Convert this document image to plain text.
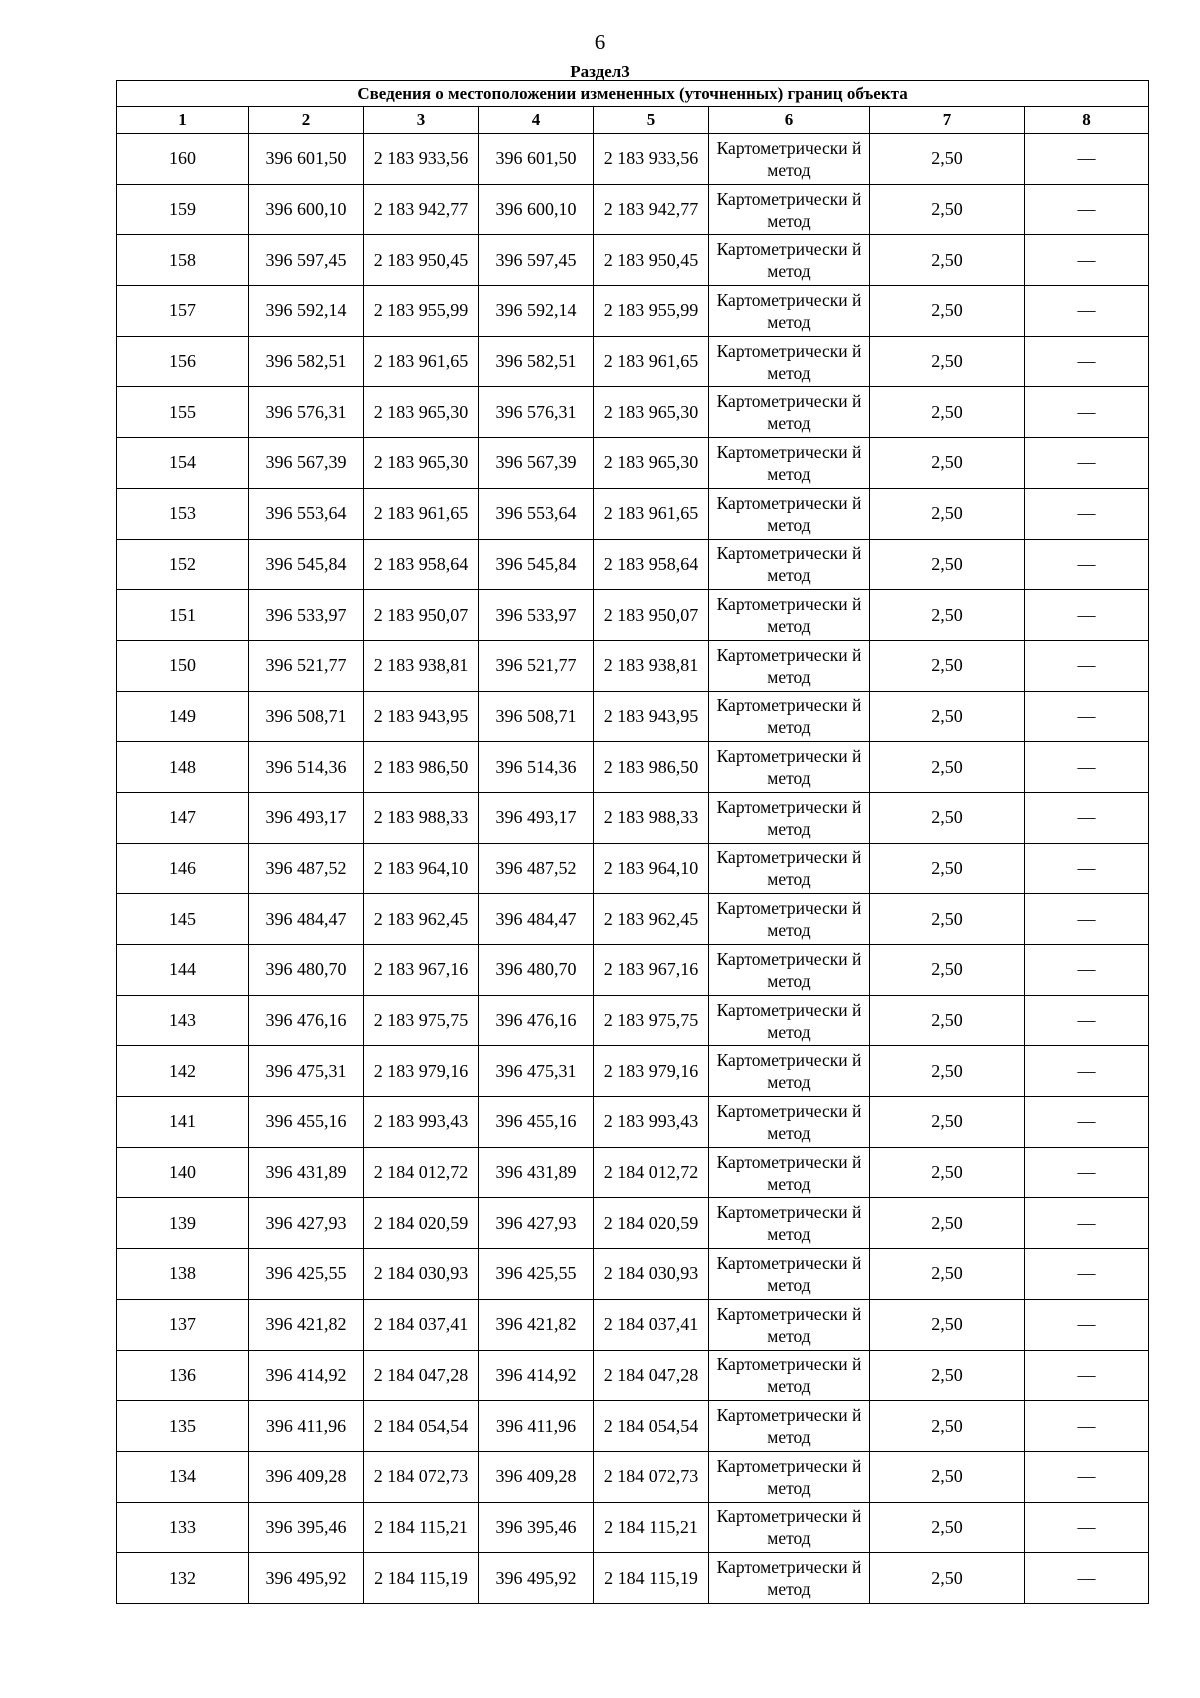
6
Раздел3
Сведения о местоположении измененных (уточненных) границ объекта							
1	2	3	4	5	6	7	8
160	396 601,50	2 183 933,56	396 601,50	2 183 933,56	Картометрически й метод	2,50	—
159	396 600,10	2 183 942,77	396 600,10	2 183 942,77	Картометрически й метод	2,50	—
158	396 597,45	2 183 950,45	396 597,45	2 183 950,45	Картометрически й метод	2,50	—
157	396 592,14	2 183 955,99	396 592,14	2 183 955,99	Картометрически й метод	2,50	—
156	396 582,51	2 183 961,65	396 582,51	2 183 961,65	Картометрически й метод	2,50	—
155	396 576,31	2 183 965,30	396 576,31	2 183 965,30	Картометрически й метод	2,50	—
154	396 567,39	2 183 965,30	396 567,39	2 183 965,30	Картометрически й метод	2,50	—
153	396 553,64	2 183 961,65	396 553,64	2 183 961,65	Картометрически й метод	2,50	—
152	396 545,84	2 183 958,64	396 545,84	2 183 958,64	Картометрически й метод	2,50	—
151	396 533,97	2 183 950,07	396 533,97	2 183 950,07	Картометрически й метод	2,50	—
150	396 521,77	2 183 938,81	396 521,77	2 183 938,81	Картометрически й метод	2,50	—
149	396 508,71	2 183 943,95	396 508,71	2 183 943,95	Картометрически й метод	2,50	—
148	396 514,36	2 183 986,50	396 514,36	2 183 986,50	Картометрически й метод	2,50	—
147	396 493,17	2 183 988,33	396 493,17	2 183 988,33	Картометрически й метод	2,50	—
146	396 487,52	2 183 964,10	396 487,52	2 183 964,10	Картометрически й метод	2,50	—
145	396 484,47	2 183 962,45	396 484,47	2 183 962,45	Картометрически й метод	2,50	—
144	396 480,70	2 183 967,16	396 480,70	2 183 967,16	Картометрически й метод	2,50	—
143	396 476,16	2 183 975,75	396 476,16	2 183 975,75	Картометрически й метод	2,50	—
142	396 475,31	2 183 979,16	396 475,31	2 183 979,16	Картометрически й метод	2,50	—
141	396 455,16	2 183 993,43	396 455,16	2 183 993,43	Картометрически й метод	2,50	—
140	396 431,89	2 184 012,72	396 431,89	2 184 012,72	Картометрически й метод	2,50	—
139	396 427,93	2 184 020,59	396 427,93	2 184 020,59	Картометрически й метод	2,50	—
138	396 425,55	2 184 030,93	396 425,55	2 184 030,93	Картометрически й метод	2,50	—
137	396 421,82	2 184 037,41	396 421,82	2 184 037,41	Картометрически й метод	2,50	—
136	396 414,92	2 184 047,28	396 414,92	2 184 047,28	Картометрически й метод	2,50	—
135	396 411,96	2 184 054,54	396 411,96	2 184 054,54	Картометрически й метод	2,50	—
134	396 409,28	2 184 072,73	396 409,28	2 184 072,73	Картометрически й метод	2,50	—
133	396 395,46	2 184 115,21	396 395,46	2 184 115,21	Картометрически й метод	2,50	—
132	396 495,92	2 184 115,19	396 495,92	2 184 115,19	Картометрически й метод	2,50	—
